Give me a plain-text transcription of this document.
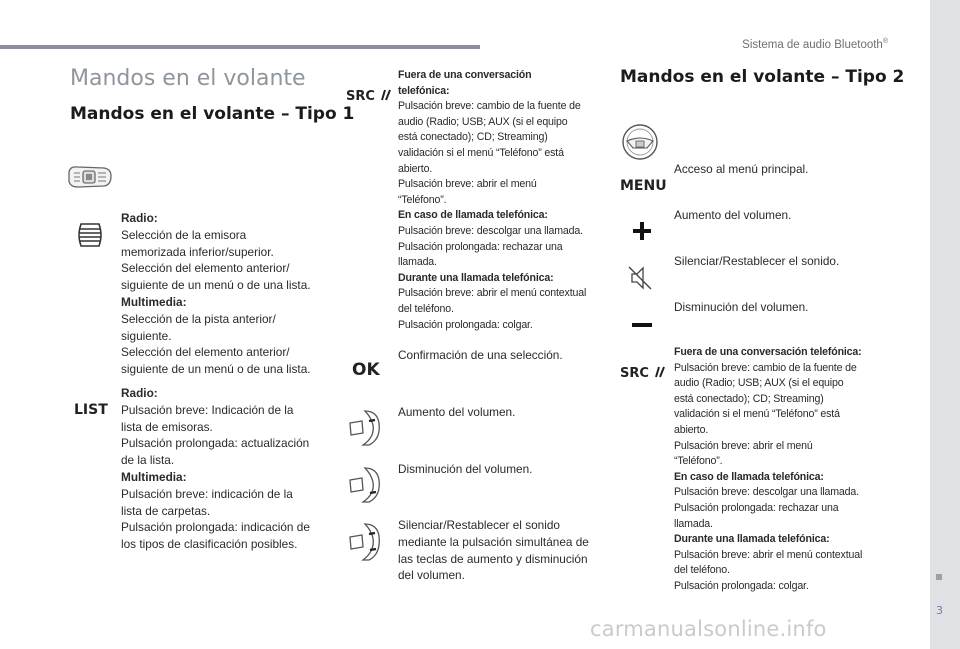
Sistema de audio Bluetooth®
Mandos en el volante
Mandos en el volante – Tipo 1
Mandos en el volante – Tipo 2
Radio:
Selección de la emisora
memorizada inferior/superior.
Selección del elemento anterior/
siguiente de un menú o de una lista.
Multimedia:
Selección de la pista anterior/
siguiente.
Selección del elemento anterior/
siguiente de un menú o de una lista.
LIST
Radio:
Pulsación breve: Indicación de la
lista de emisoras.
Pulsación prolongada: actualización
de la lista.
Multimedia:
Pulsación breve: indicación de la
lista de carpetas.
Pulsación prolongada: indicación de
los tipos de clasificación posibles.
SRC
Fuera de una conversación
telefónica:
Pulsación breve: cambio de la fuente de
audio (Radio; USB; AUX (si el equipo
está conectado); CD; Streaming)
validación si el menú “Teléfono” está
abierto.
Pulsación breve: abrir el menú
“Teléfono”.
En caso de llamada telefónica:
Pulsación breve: descolgar una llamada.
Pulsación prolongada: rechazar una
llamada.
Durante una llamada telefónica:
Pulsación breve: abrir el menú contextual
del teléfono.
Pulsación prolongada: colgar.
OK
Confirmación de una selección.
Aumento del volumen.
Disminución del volumen.
Silenciar/Restablecer el sonido
mediante la pulsación simultánea de
las teclas de aumento y disminución
del volumen.
MENU
Acceso al menú principal.
Aumento del volumen.
Silenciar/Restablecer el sonido.
Disminución del volumen.
SRC
Fuera de una conversación telefónica:
Pulsación breve: cambio de la fuente de
audio (Radio; USB; AUX (si el equipo
está conectado); CD; Streaming)
validación si el menú “Teléfono” está
abierto.
Pulsación breve: abrir el menú
“Teléfono”.
En caso de llamada telefónica:
Pulsación breve: descolgar una llamada.
Pulsación prolongada: rechazar una
llamada.
Durante una llamada telefónica:
Pulsación breve: abrir el menú contextual
del teléfono.
Pulsación prolongada: colgar.
3
carmanualsonline.info
